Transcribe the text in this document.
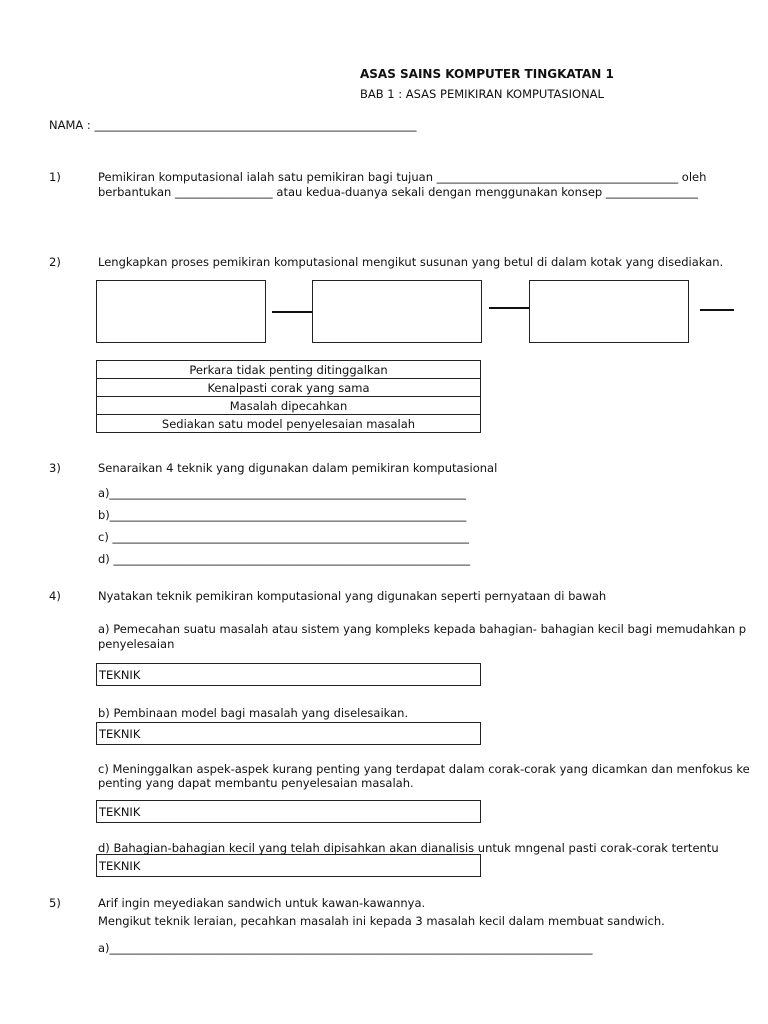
ASAS SAINS KOMPUTER TINGKATAN 1
BAB 1 : ASAS PEMIKIRAN KOMPUTASIONAL
NAMA : ________________________________________________________
1)	Pemikiran komputasional ialah satu pemikiran bagi tujuan __________________________________________ oleh
berbantukan _________________ atau kedua-duanya sekali dengan menggunakan konsep ________________
2)	Lengkapkan proses pemikiran komputasional mengikut susunan yang betul di dalam kotak yang disediakan.
Perkara tidak penting ditinggalkan
Kenalpasti corak yang sama
Masalah dipecahkan
Sediakan satu model penyelesaian masalah
3)	Senaraikan 4 teknik yang digunakan dalam pemikiran komputasional
a)______________________________________________________________
b)______________________________________________________________
c) ______________________________________________________________
d) ______________________________________________________________
4)	Nyatakan teknik pemikiran komputasional yang digunakan seperti pernyataan di bawah
a) Pemecahan suatu masalah atau sistem yang kompleks kepada bahagian- bahagian kecil bagi memudahkan p
penyelesaian
TEKNIK
b) Pembinaan model bagi masalah yang diselesaikan.
TEKNIK
c) Meninggalkan aspek-aspek kurang penting yang terdapat dalam corak-corak yang dicamkan dan menfokus ke
penting yang dapat membantu penyelesaian masalah.
TEKNIK
d) Bahagian-bahagian kecil yang telah dipisahkan akan dianalisis untuk mngenal pasti corak-corak tertentu
TEKNIK
5)	Arif ingin meyediakan sandwich untuk kawan-kawannya.
Mengikut teknik leraian, pecahkan masalah ini kepada 3 masalah kecil dalam membuat sandwich.
a)____________________________________________________________________________________
